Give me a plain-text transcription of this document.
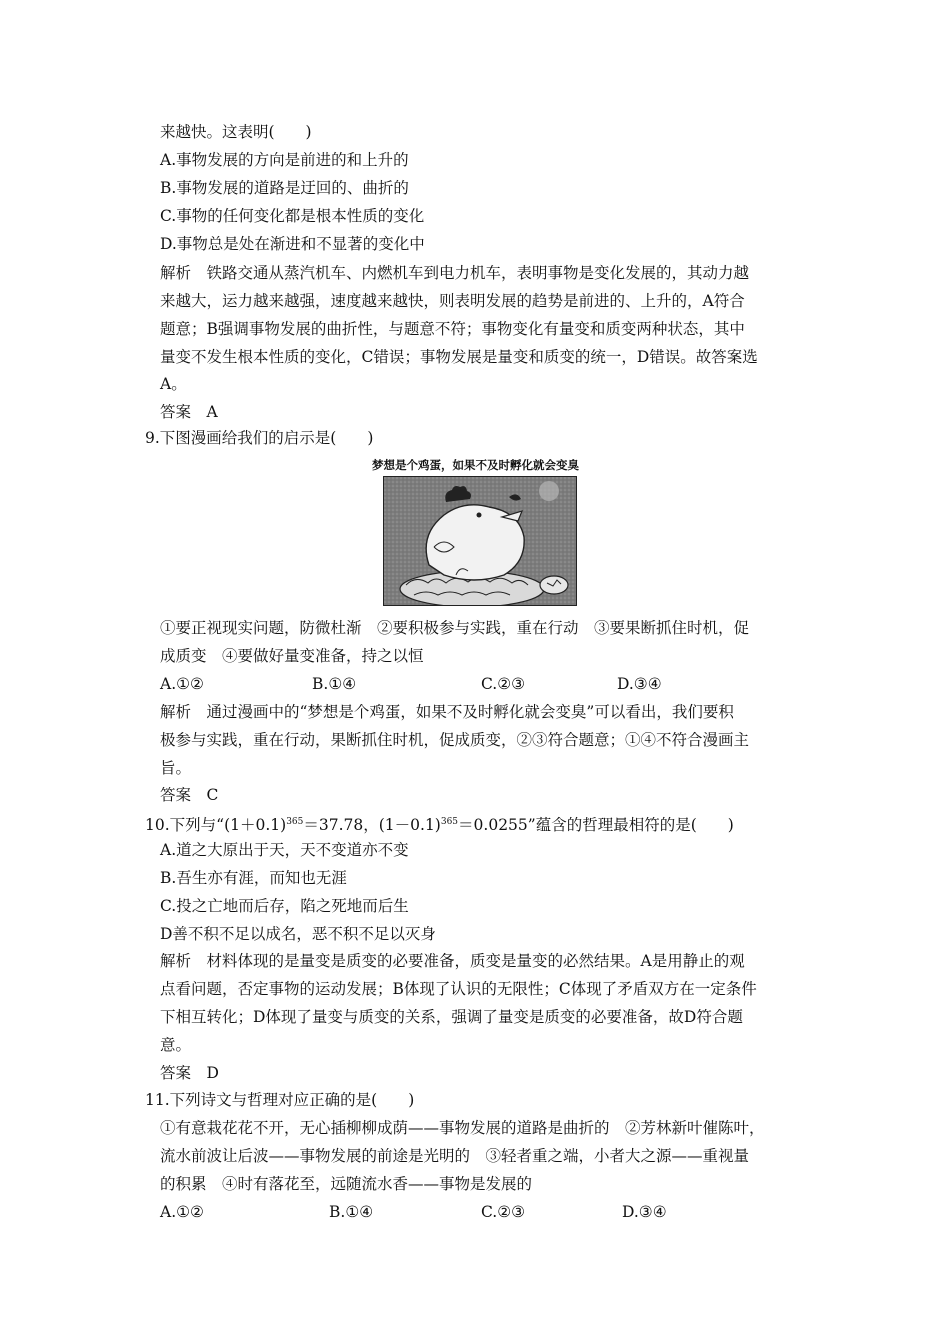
来越快。这表明(　　)
A.事物发展的方向是前进的和上升的
B.事物发展的道路是迂回的、曲折的
C.事物的任何变化都是根本性质的变化
D.事物总是处在渐进和不显著的变化中
解析　铁路交通从蒸汽机车、内燃机车到电力机车，表明事物是变化发展的，其动力越
来越大，运力越来越强，速度越来越快，则表明发展的趋势是前进的、上升的，A符合
题意；B强调事物发展的曲折性，与题意不符；事物变化有量变和质变两种状态，其中
量变不发生根本性质的变化，C错误；事物发展是量变和质变的统一，D错误。故答案选
A。
答案　A
9.下图漫画给我们的启示是(　　)
梦想是个鸡蛋，如果不及时孵化就会变臭
①要正视现实问题，防微杜渐　②要积极参与实践，重在行动　③要果断抓住时机，促
成质变　④要做好量变准备，持之以恒
A.①②	B.①④	C.②③	D.③④
解析　通过漫画中的“梦想是个鸡蛋，如果不及时孵化就会变臭”可以看出，我们要积
极参与实践，重在行动，果断抓住时机，促成质变，②③符合题意；①④不符合漫画主
旨。
答案　C
10.下列与“$(1+0.1)^{365}=37.78$，$(1-0.1)^{365}=0.0255$”蕴含的哲理最相符的是(　　)
A.道之大原出于天，天不变道亦不变
B.吾生亦有涯，而知也无涯
C.投之亡地而后存，陷之死地而后生
D善不积不足以成名，恶不积不足以灭身
解析　材料体现的是量变是质变的必要准备，质变是量变的必然结果。A是用静止的观
点看问题，否定事物的运动发展；B体现了认识的无限性；C体现了矛盾双方在一定条件
下相互转化；D体现了量变与质变的关系，强调了量变是质变的必要准备，故D符合题
意。
答案　D
11.下列诗文与哲理对应正确的是(　　)
①有意栽花花不开，无心插柳柳成荫——事物发展的道路是曲折的　②芳林新叶催陈叶，
流水前波让后波——事物发展的前途是光明的　③轻者重之端，小者大之源——重视量
的积累　④时有落花至，远随流水香——事物是发展的
A.①②	B.①④	C.②③	D.③④
